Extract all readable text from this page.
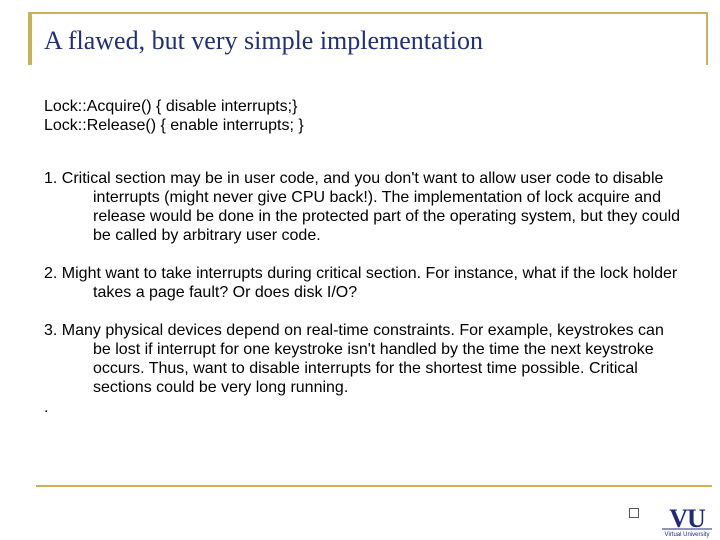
A flawed, but very simple implementation
Lock::Acquire() { disable interrupts;}
Lock::Release() { enable interrupts; }
1. Critical section may be in user code, and you don't want to allow user code to disable interrupts (might never give CPU back!). The implementation of lock acquire and release would be done in the protected part of the operating system, but they could be called by arbitrary user code.
2. Might want to take interrupts during critical section. For instance, what if the lock holder takes a page fault? Or does disk I/O?
3. Many physical devices depend on real-time constraints. For example, keystrokes can be lost if interrupt for one keystroke isn't handled by the time the next keystroke occurs. Thus, want to disable interrupts for the shortest time possible. Critical sections could be very long running.
.
VU
Virtual University
